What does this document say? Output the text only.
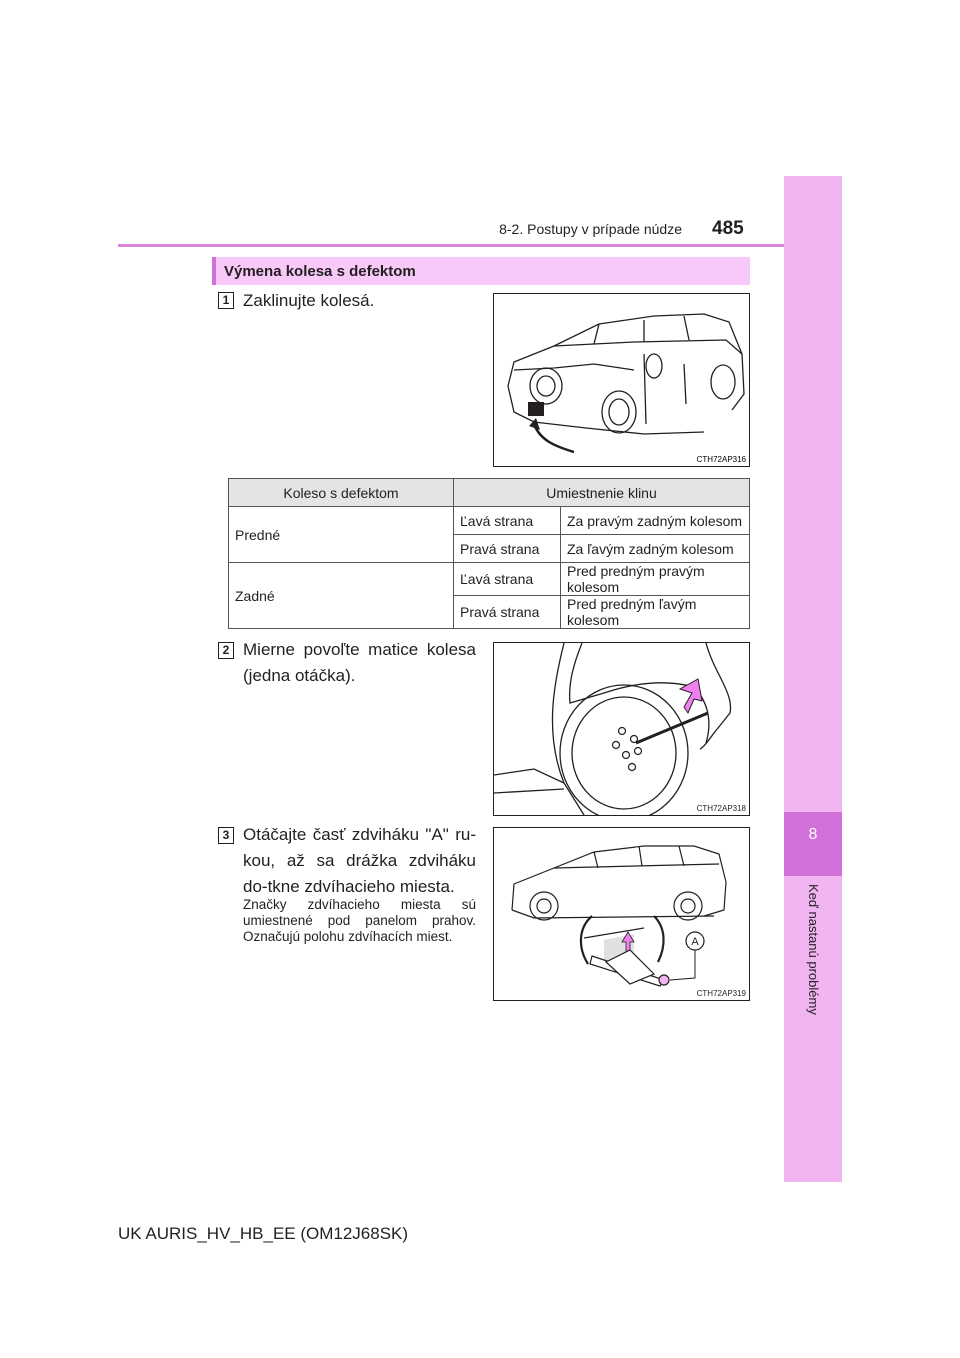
8
Keď nastanú problémy
8-2. Postupy v prípade núdze 485
Výmena kolesa s defektom
1 Zaklinujte kolesá.
CTH72AP316
Koleso s defektom	Umiestnenie klinu	
Predné	Ľavá strana	Za pravým zadným kolesom
	Pravá strana	Za ľavým zadným kolesom
Zadné	Ľavá strana	Pred predným pravým kolesom
	Pravá strana	Pred predným ľavým kolesom
2 Mierne povoľte matice kolesa (jedna otáčka).
CTH72AP318
3 Otáčajte časť zdviháku "A" ru-kou, až sa drážka zdviháku do-tkne zdvíhacieho miesta.
Značky zdvíhacieho miesta sú umiestnené pod panelom prahov. Označujú polohu zdvíhacích miest.	A
CTH72AP319
UK AURIS_HV_HB_EE (OM12J68SK)
